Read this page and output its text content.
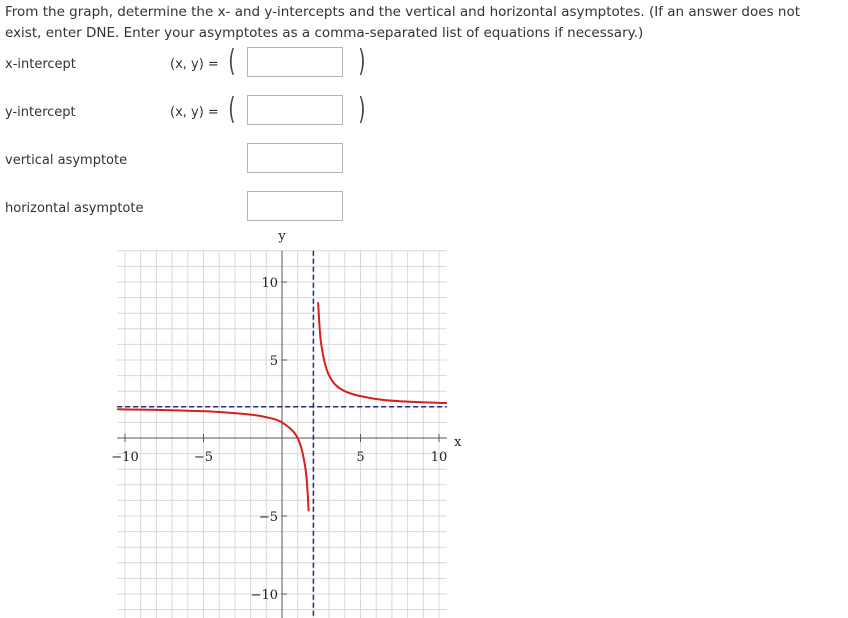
From the graph, determine the x- and y-intercepts and the vertical and horizontal asymptotes. (If an answer does not exist, enter DNE. Enter your asymptotes as a comma-separated list of equations if necessary.)
x-intercept	(x, y) = (	)
y-intercept	(x, y) = (	)
vertical asymptote
horizontal asymptote
−10	−5	5	10
10
5
−5
−10
x
y
